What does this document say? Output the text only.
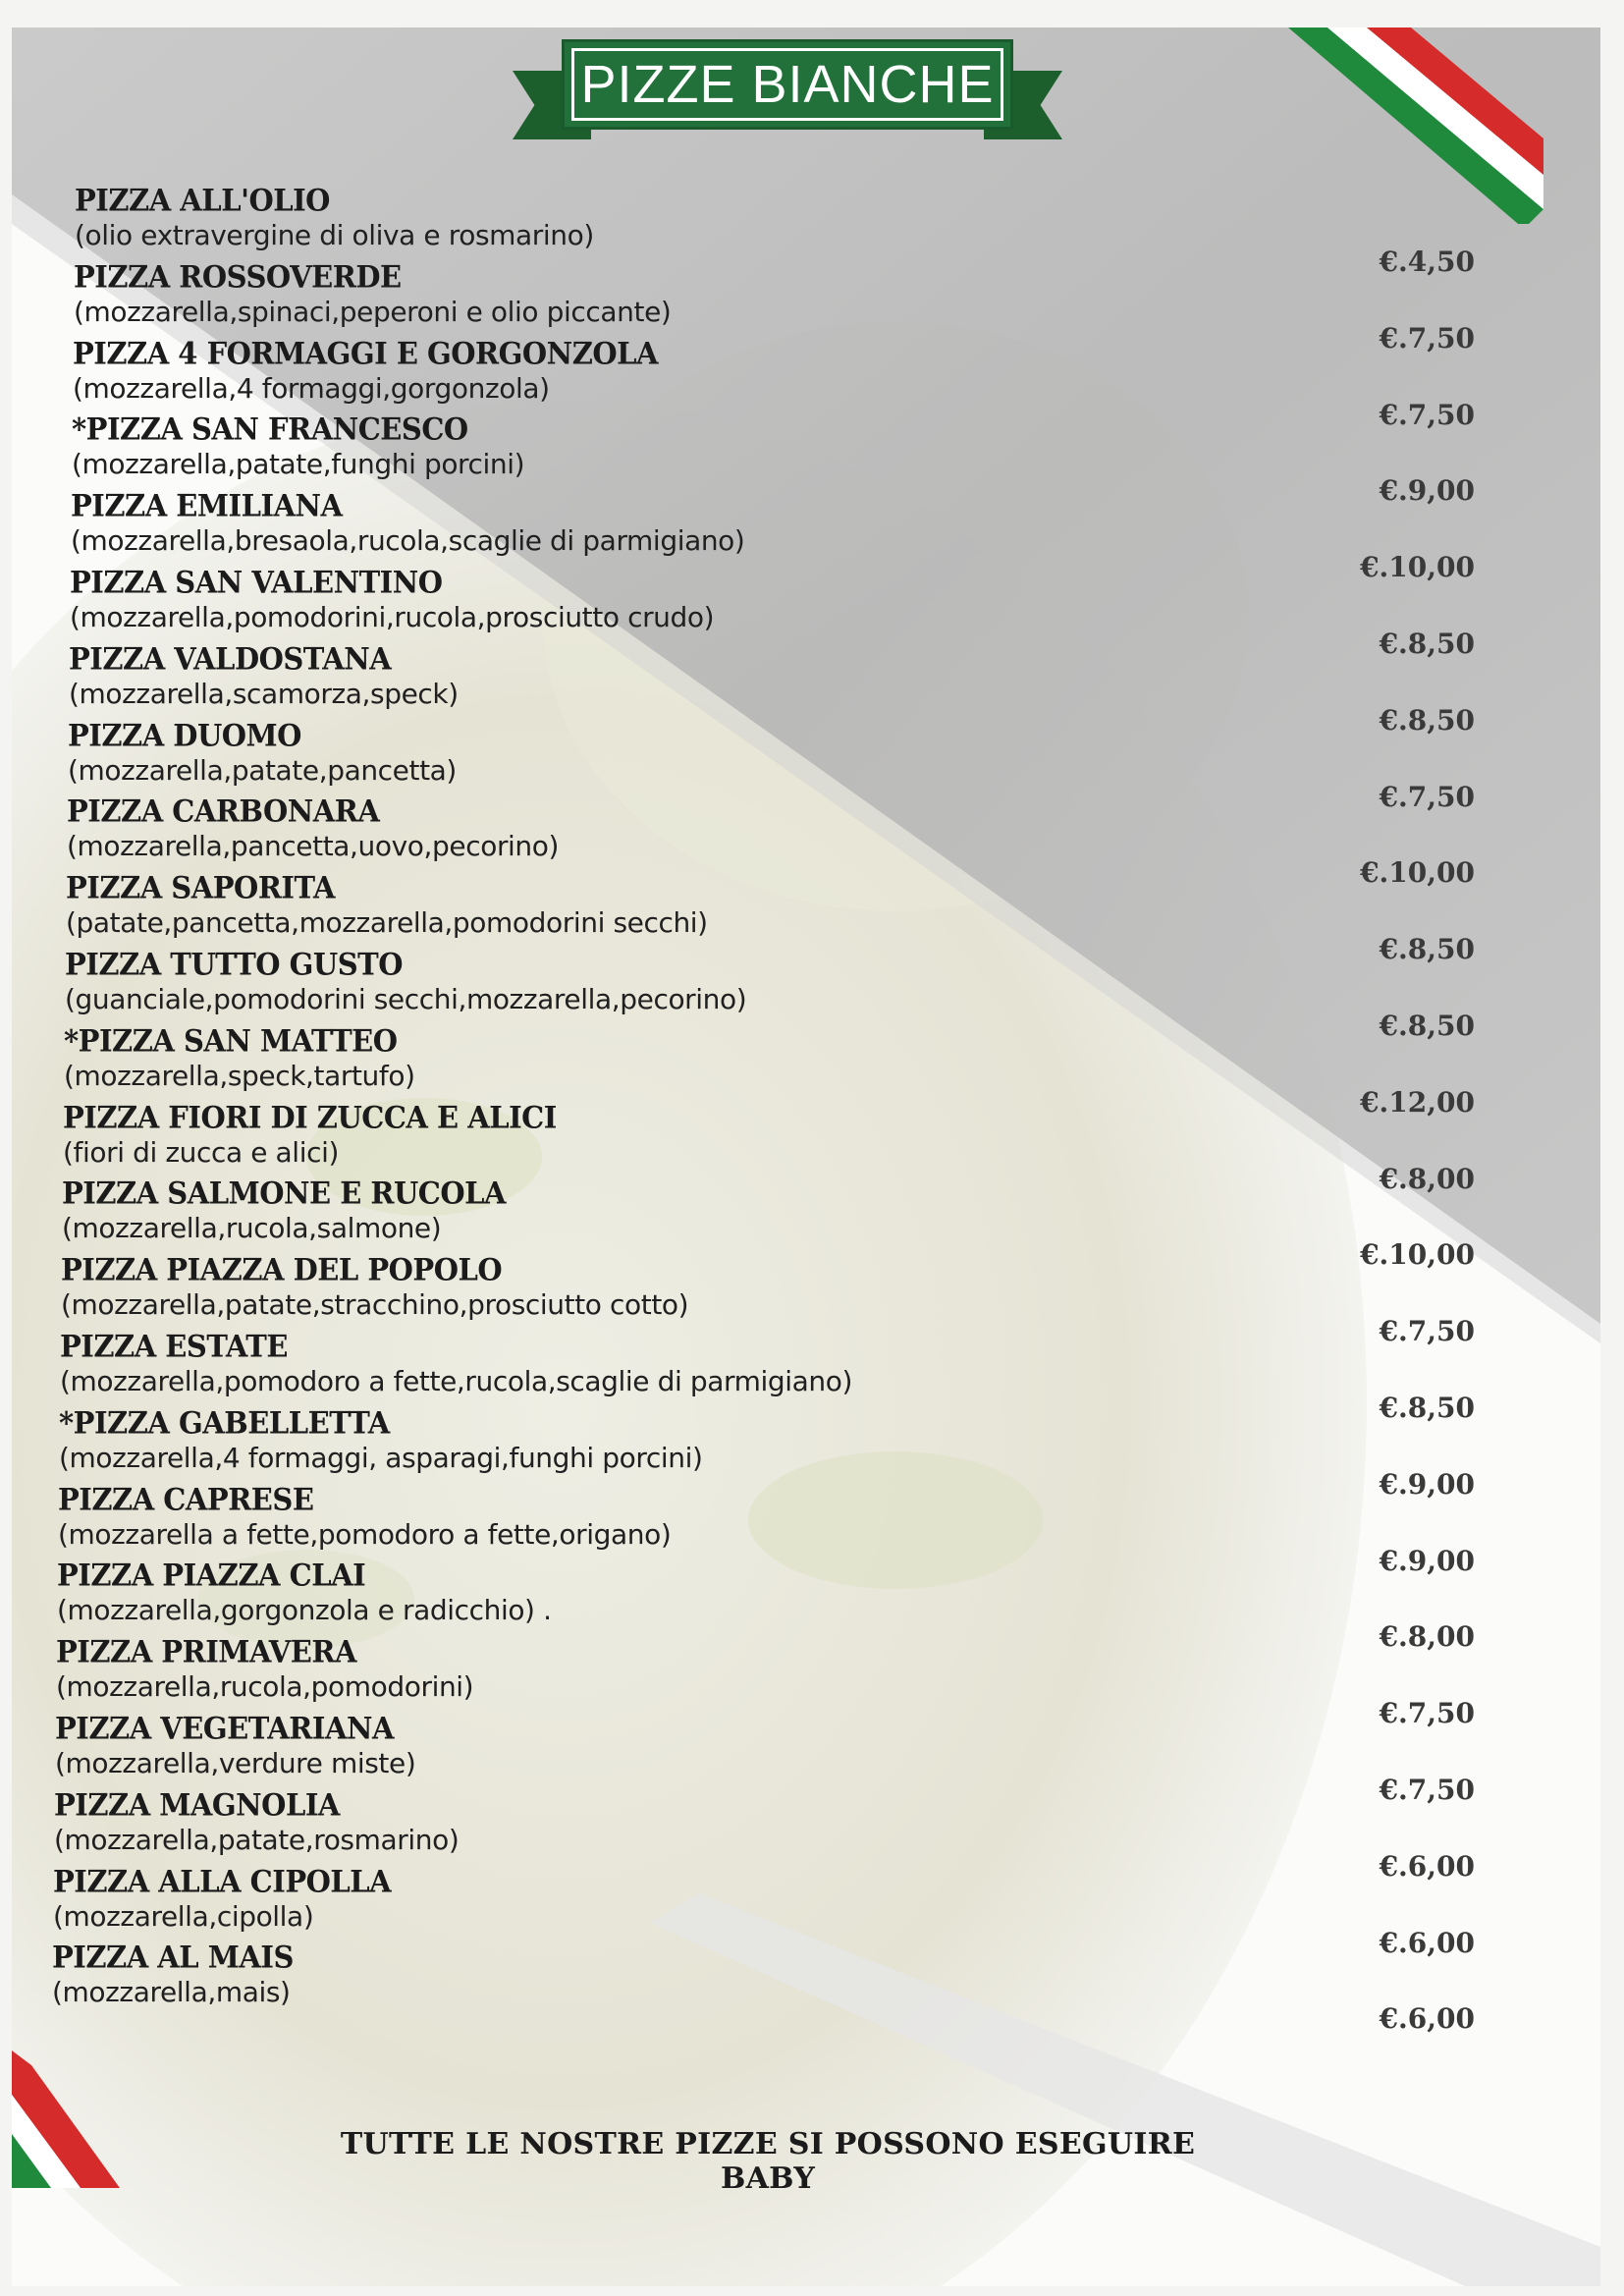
PIZZE BIANCHE
PIZZA ALL'OLIO
(olio extravergine di oliva e rosmarino)
PIZZA ROSSOVERDE
(mozzarella,spinaci,peperoni e olio piccante)
PIZZA 4 FORMAGGI E GORGONZOLA
(mozzarella,4 formaggi,gorgonzola)
*PIZZA SAN FRANCESCO
(mozzarella,patate,funghi porcini)
PIZZA EMILIANA
(mozzarella,bresaola,rucola,scaglie di parmigiano)
PIZZA SAN VALENTINO
(mozzarella,pomodorini,rucola,prosciutto crudo)
PIZZA VALDOSTANA
(mozzarella,scamorza,speck)
PIZZA DUOMO
(mozzarella,patate,pancetta)
PIZZA CARBONARA
(mozzarella,pancetta,uovo,pecorino)
PIZZA SAPORITA
(patate,pancetta,mozzarella,pomodorini secchi)
PIZZA TUTTO GUSTO
(guanciale,pomodorini secchi,mozzarella,pecorino)
*PIZZA SAN MATTEO
(mozzarella,speck,tartufo)
PIZZA FIORI DI ZUCCA E ALICI
(fiori di zucca e alici)
PIZZA SALMONE E RUCOLA
(mozzarella,rucola,salmone)
PIZZA PIAZZA DEL POPOLO
(mozzarella,patate,stracchino,prosciutto cotto)
PIZZA ESTATE
(mozzarella,pomodoro a fette,rucola,scaglie di parmigiano)
*PIZZA GABELLETTA
(mozzarella,4 formaggi, asparagi,funghi porcini)
PIZZA CAPRESE
(mozzarella a fette,pomodoro a fette,origano)
PIZZA PIAZZA CLAI
(mozzarella,gorgonzola e radicchio) .
PIZZA PRIMAVERA
(mozzarella,rucola,pomodorini)
PIZZA VEGETARIANA
(mozzarella,verdure miste)
PIZZA MAGNOLIA
(mozzarella,patate,rosmarino)
PIZZA ALLA CIPOLLA
(mozzarella,cipolla)
PIZZA AL MAIS
(mozzarella,mais)
€.4,50
€.7,50
€.7,50
€.9,00
€.10,00
€.8,50
€.8,50
€.7,50
€.10,00
€.8,50
€.8,50
€.12,00
€.8,00
€.10,00
€.7,50
€.8,50
€.9,00
€.9,00
€.8,00
€.7,50
€.7,50
€.6,00
€.6,00
€.6,00
TUTTE LE NOSTRE PIZZE SI POSSONO ESEGUIRE BABY
